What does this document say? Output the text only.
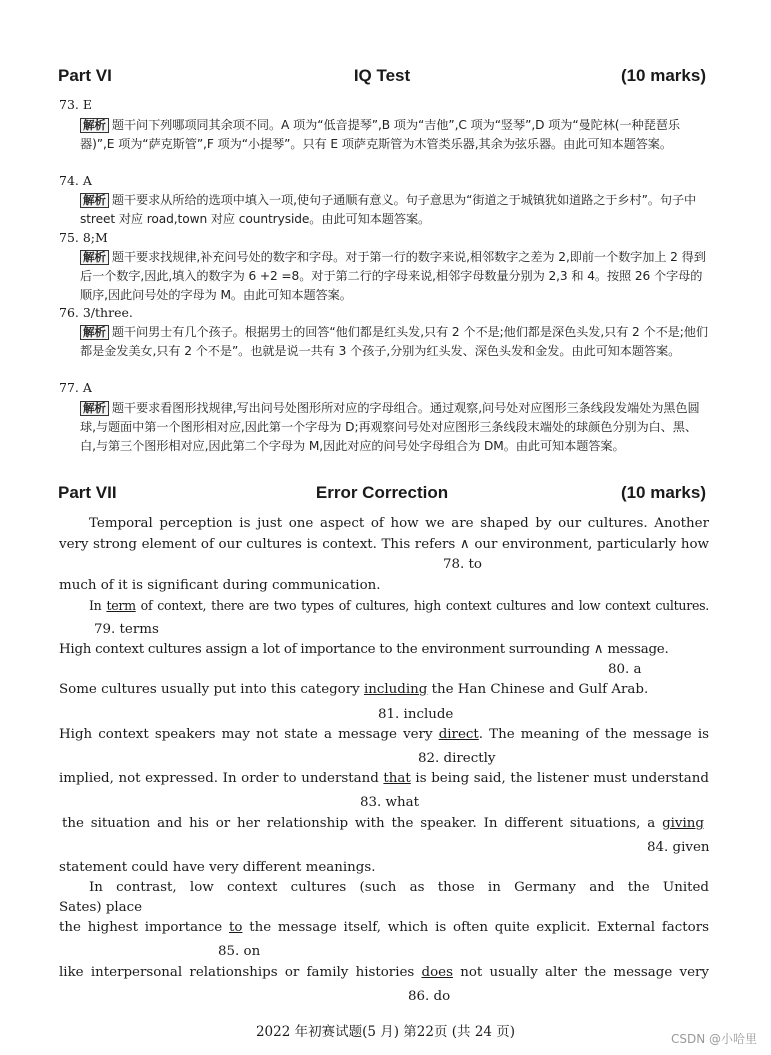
Part VI	IQ Test	(10 marks)
73. E
解析 题干问下列哪项同其余项不同。A 项为“低音提琴”,B 项为“吉他”,C 项为“竖琴”,D 项为“曼陀林(一种琵琶乐器)”,E 项为“萨克斯管”,F 项为“小提琴”。只有 E 项萨克斯管为木管类乐器,其余为弦乐器。由此可知本题答案。
74. A
解析 题干要求从所给的选项中填入一项,使句子通顺有意义。句子意思为“街道之于城镇犹如道路之于乡村”。句子中 street 对应 road,town 对应 countryside。由此可知本题答案。
75. 8;M
解析 题干要求找规律,补充问号处的数字和字母。对于第一行的数字来说,相邻数字之差为 2,即前一个数字加上 2 得到后一个数字,因此,填入的数字为 6 +2 =8。对于第二行的字母来说,相邻字母数量分别为 2,3 和 4。按照 26 个字母的顺序,因此问号处的字母为 M。由此可知本题答案。
76. 3/three.
解析 题干问男士有几个孩子。根据男士的回答“他们都是红头发,只有 2 个不是;他们都是深色头发,只有 2 个不是;他们都是金发美女,只有 2 个不是”。也就是说一共有 3 个孩子,分别为红头发、深色头发和金发。由此可知本题答案。
77. A
解析 题干要求看图形找规律,写出问号处图形所对应的字母组合。通过观察,问号处对应图形三条线段发端处为黑色圆球,与题面中第一个图形相对应,因此第一个字母为 D;再观察问号处对应图形三条线段末端处的球颜色分别为白、黑、白,与第三个图形相对应,因此第二个字母为 M,因此对应的问号处字母组合为 DM。由此可知本题答案。
Part VII	Error Correction	(10 marks)
Temporal perception is just one aspect of how we are shaped by our cultures. Another
very strong element of our cultures is context. This refers ∧ our environment, particularly how
78. to
much of it is significant during communication.
In term of context, there are two types of cultures, high context cultures and low context cultures.
79. terms
High context cultures assign a lot of importance to the environment surrounding ∧ message.
80. a
Some cultures usually put into this category including the Han Chinese and Gulf Arab.
81. include
High context speakers may not state a message very direct. The meaning of the message is
82. directly
implied, not expressed. In order to understand that is being said, the listener must understand
83. what
the situation and his or her relationship with the speaker. In different situations, a giving
84. given
statement could have very different meanings.
In contrast, low context cultures (such as those in Germany and the United
Sates) place
the highest importance to the message itself, which is often quite explicit. External factors
85. on
like interpersonal relationships or family histories does not usually alter the message very
86. do
2022 年初赛试题(5 月) 第22页 (共 24 页)	CSDN @小哈里
